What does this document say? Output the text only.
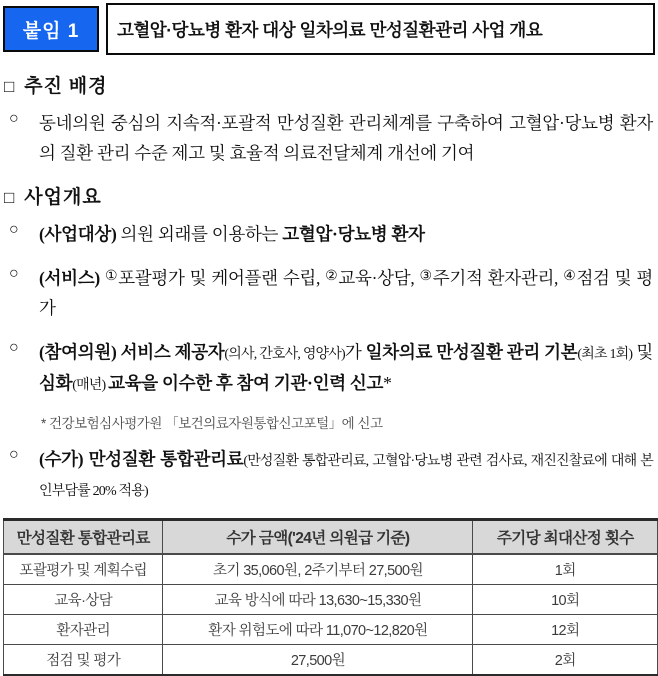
붙임 1	고혈압·당뇨병 환자 대상 일차의료 만성질환관리 사업 개요
□ 추진 배경
○	동네의원 중심의 지속적·포괄적 만성질환 관리체계를 구축하여 고혈압·당뇨병 환자의 질환 관리 수준 제고 및 효율적 의료전달체계 개선에 기여
□ 사업개요
○	(사업대상) 의원 외래를 이용하는 고혈압·당뇨병 환자
○	(서비스) ①포괄평가 및 케어플랜 수립, ②교육·상담, ③주기적 환자관리, ④점검 및 평가
○	(참여의원) 서비스 제공자(의사, 간호사, 영양사)가 일차의료 만성질환 관리 기본(최초 1회) 및 심화(매년) 교육을 이수한 후 참여 기관·인력 신고*
* 건강보험심사평가원 「보건의료자원통합신고포털」에 신고
○	(수가) 만성질환 통합관리료(만성질환 통합관리료, 고혈압·당뇨병 관련 검사료, 재진진찰료에 대해 본인부담률 20% 적용)
만성질환 통합관리료	수가 금액('24년 의원급 기준)	주기당 최대산정 횟수
포괄평가 및 계획수립	초기 35,060원, 2주기부터 27,500원	1회
교육·상담	교육 방식에 따라 13,630~15,330원	10회
환자관리	환자 위험도에 따라 11,070~12,820원	12회
점검 및 평가	27,500원	2회
